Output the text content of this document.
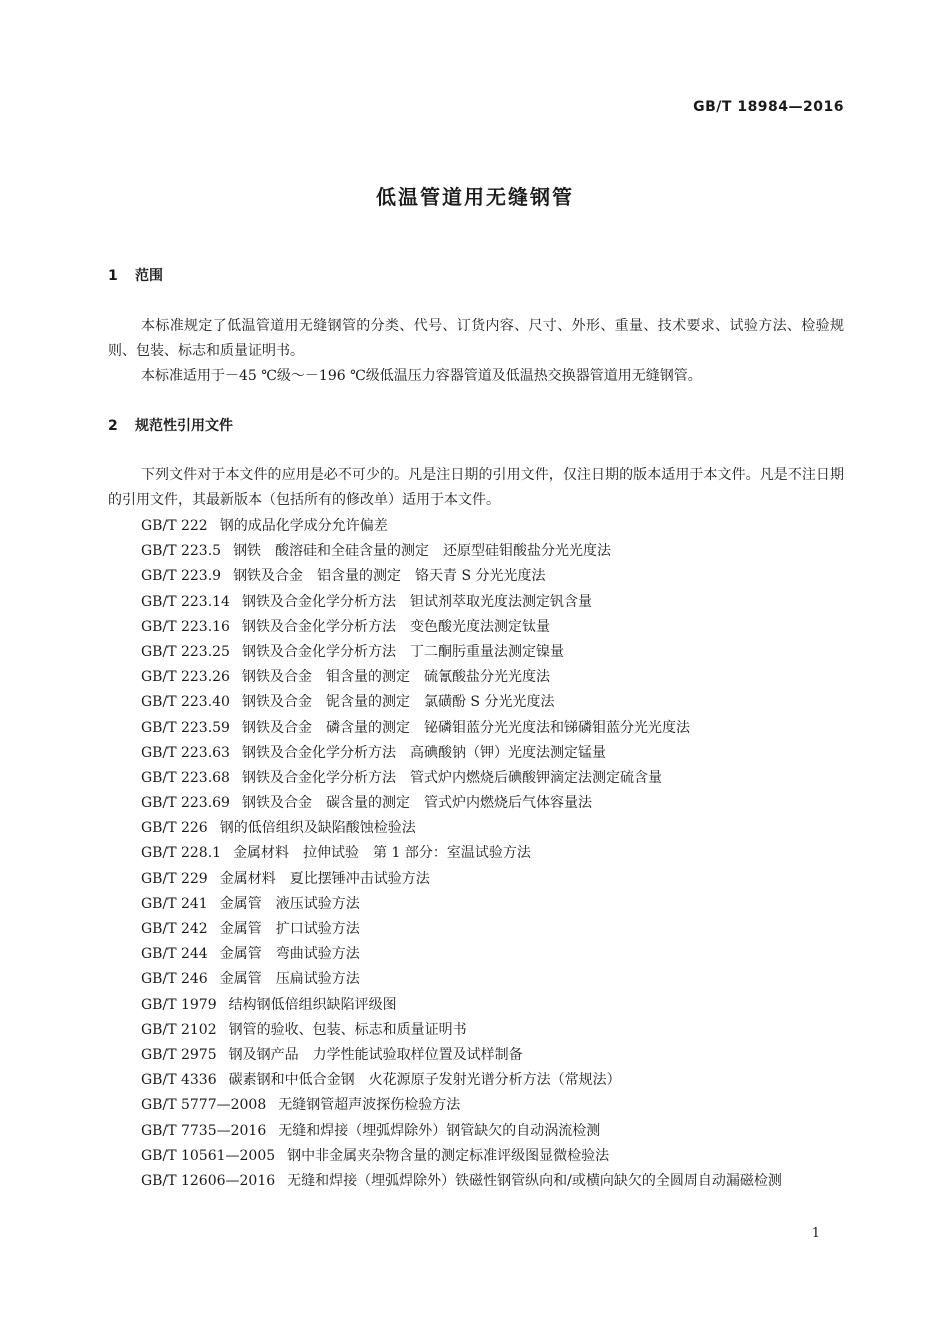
GB/T 18984—2016
低温管道用无缝钢管
1 范围

本标准规定了低温管道用无缝钢管的分类、代号、订货内容、尺寸、外形、重量、技术要求、试验方法、检验规则、包装、标志和质量证明书。

本标准适用于－45 ℃级～－196 ℃级低温压力容器管道及低温热交换器管道用无缝钢管。

2 规范性引用文件

下列文件对于本文件的应用是必不可少的。凡是注日期的引用文件，仅注日期的版本适用于本文件。凡是不注日期的引用文件，其最新版本（包括所有的修改单）适用于本文件。

GB/T 222 钢的成品化学成分允许偏差
GB/T 223.5 钢铁　酸溶硅和全硅含量的测定　还原型硅钼酸盐分光光度法
GB/T 223.9 钢铁及合金　铝含量的测定　铬天青 S 分光光度法
GB/T 223.14 钢铁及合金化学分析方法　钽试剂萃取光度法测定钒含量
GB/T 223.16 钢铁及合金化学分析方法　变色酸光度法测定钛量
GB/T 223.25 钢铁及合金化学分析方法　丁二酮肟重量法测定镍量
GB/T 223.26 钢铁及合金　钼含量的测定　硫氰酸盐分光光度法
GB/T 223.40 钢铁及合金　铌含量的测定　氯磺酚 S 分光光度法
GB/T 223.59 钢铁及合金　磷含量的测定　铋磷钼蓝分光光度法和锑磷钼蓝分光光度法
GB/T 223.63 钢铁及合金化学分析方法　高碘酸钠（钾）光度法测定锰量
GB/T 223.68 钢铁及合金化学分析方法　管式炉内燃烧后碘酸钾滴定法测定硫含量
GB/T 223.69 钢铁及合金　碳含量的测定　管式炉内燃烧后气体容量法
GB/T 226 钢的低倍组织及缺陷酸蚀检验法
GB/T 228.1 金属材料　拉伸试验　第 1 部分：室温试验方法
GB/T 229 金属材料　夏比摆锤冲击试验方法
GB/T 241 金属管　液压试验方法
GB/T 242 金属管　扩口试验方法
GB/T 244 金属管　弯曲试验方法
GB/T 246 金属管　压扁试验方法
GB/T 1979 结构钢低倍组织缺陷评级图
GB/T 2102 钢管的验收、包装、标志和质量证明书
GB/T 2975 钢及钢产品　力学性能试验取样位置及试样制备
GB/T 4336 碳素钢和中低合金钢　火花源原子发射光谱分析方法（常规法）
GB/T 5777—2008 无缝钢管超声波探伤检验方法
GB/T 7735—2016 无缝和焊接（埋弧焊除外）钢管缺欠的自动涡流检测
GB/T 10561—2005 钢中非金属夹杂物含量的测定标准评级图显微检验法
GB/T 12606—2016 无缝和焊接（埋弧焊除外）铁磁性钢管纵向和/或横向缺欠的全圆周自动漏磁检测
1
